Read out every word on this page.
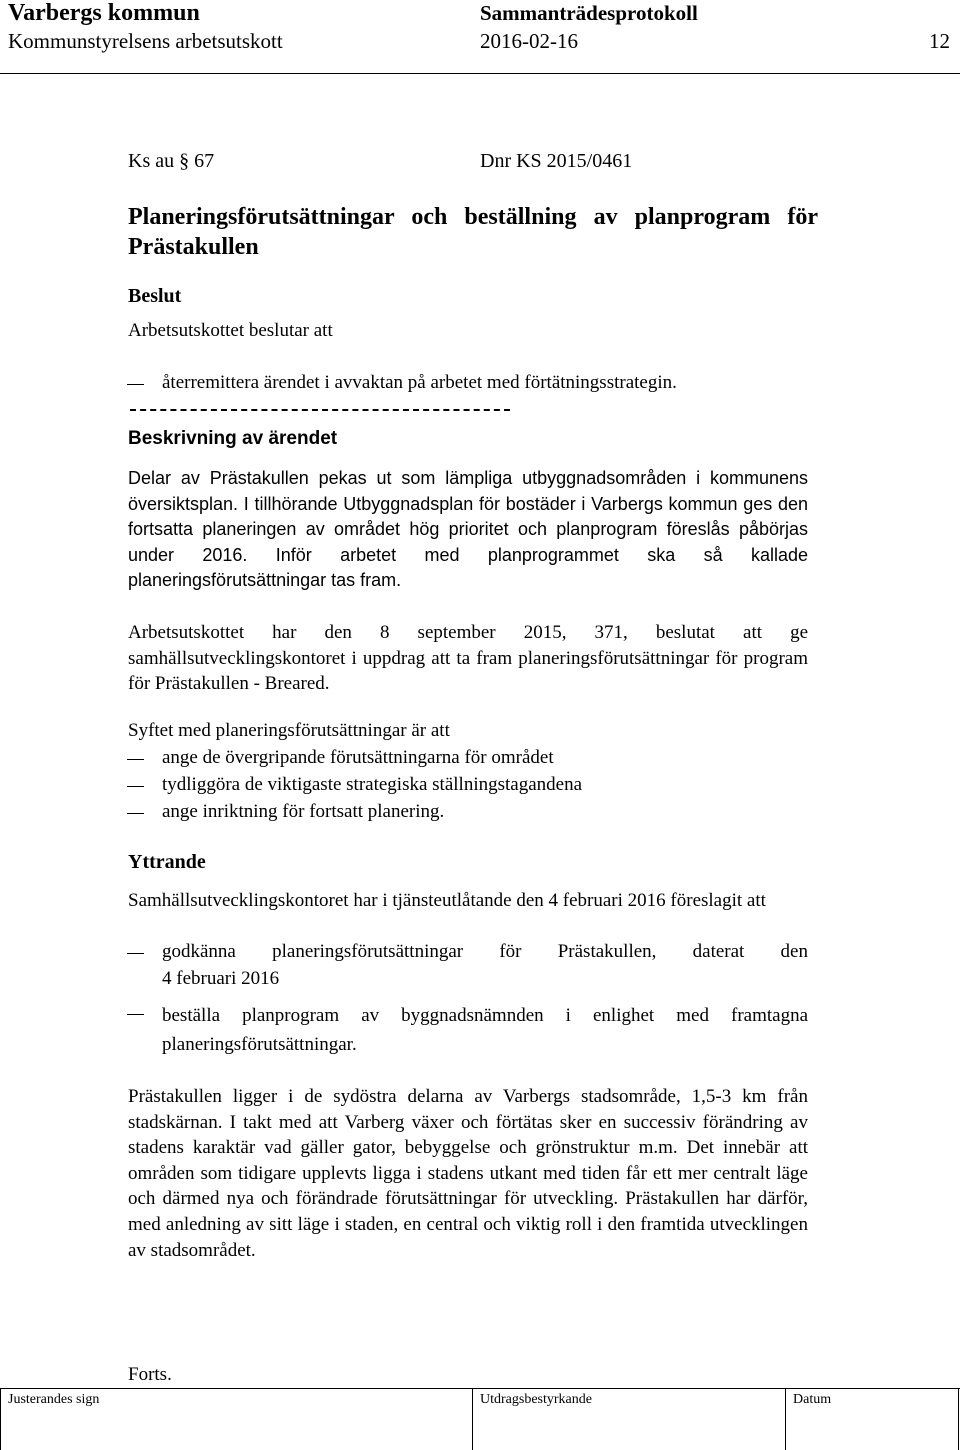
Varbergs kommun	Sammanträdesprotokoll
Kommunstyrelsens arbetsutskott	2016-02-16	12
Ks au § 67	Dnr KS 2015/0461
Planeringsförutsättningar och beställning av planprogram för Prästakullen
Beslut
Arbetsutskottet beslutar att
återremittera ärendet i avvaktan på arbetet med förtätningsstrategin.
Beskrivning av ärendet
Delar av Prästakullen pekas ut som lämpliga utbyggnadsområden i kommunens översiktsplan. I tillhörande Utbyggnadsplan för bostäder i Varbergs kommun ges den fortsatta planeringen av området hög prioritet och planprogram föreslås påbörjas under 2016. Inför arbetet med planprogrammet ska så kallade planeringsförutsättningar tas fram.
Arbetsutskottet har den 8 september 2015, 371, beslutat att ge samhällsutvecklingskontoret i uppdrag att ta fram planeringsförutsättningar för program för Prästakullen - Breared.
Syftet med planeringsförutsättningar är att
ange de övergripande förutsättningarna för området
tydliggöra de viktigaste strategiska ställningstagandena
ange inriktning för fortsatt planering.
Yttrande
Samhällsutvecklingskontoret har i tjänsteutlåtande den 4 februari 2016 föreslagit att
godkänna planeringsförutsättningar för Prästakullen, daterat den
4 februari 2016
beställa planprogram av byggnadsnämnden i enlighet med framtagna planeringsförutsättningar.
Prästakullen ligger i de sydöstra delarna av Varbergs stadsområde, 1,5-3 km från stadskärnan. I takt med att Varberg växer och förtätas sker en successiv förändring av stadens karaktär vad gäller gator, bebyggelse och grönstruktur m.m. Det innebär att områden som tidigare upplevts ligga i stadens utkant med tiden får ett mer centralt läge och därmed nya och förändrade förutsättningar för utveckling. Prästakullen har därför, med anledning av sitt läge i staden, en central och viktig roll i den framtida utvecklingen av stadsområdet.
Forts.
Justerandes sign	Utdragsbestyrkande	Datum
